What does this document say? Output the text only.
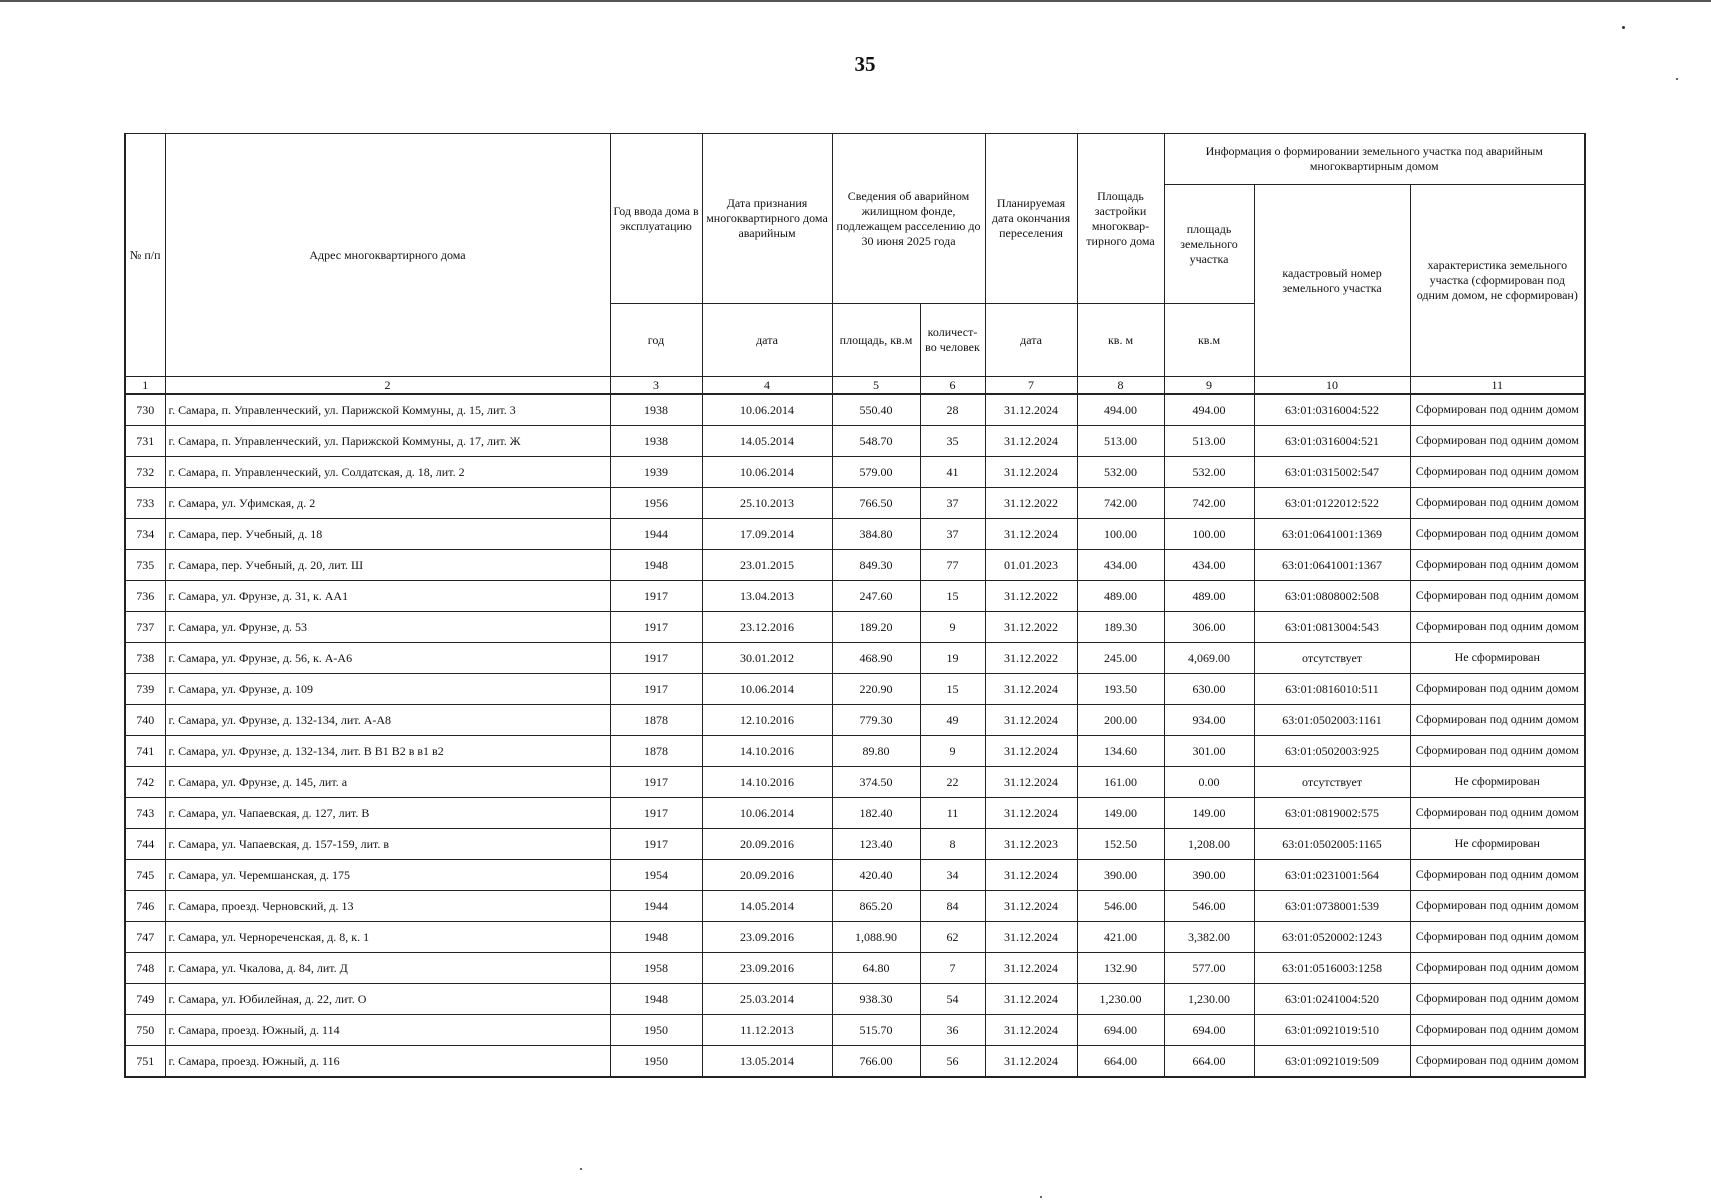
35
№ п/п	Адрес многоквартирного дома	Год ввода дома в эксплуатацию	Дата признания многоквартирного дома аварийным	Сведения об аварийном жилищном фонде, подлежащем расселению до 30 июня 2025 года		Планируемая дата окончания переселения	Площадь застройки многоквар-тирного дома	Информация о формировании земельного участка под аварийным многоквартирным домом		
								площадь земельного участка	кадастровый номер земельного участка	характеристика земельного участка (сформирован под одним домом, не сформирован)
		год	дата	площадь, кв.м	количест-во человек	дата	кв. м	кв.м		
1	2	3	4	5	6	7	8	9	10	11
730	г. Самара, п. Управленческий, ул. Парижской Коммуны, д. 15, лит. 3	1938	10.06.2014	550.40	28	31.12.2024	494.00	494.00	63:01:0316004:522	Сформирован под одним домом
731	г. Самара, п. Управленческий, ул. Парижской Коммуны, д. 17, лит. Ж	1938	14.05.2014	548.70	35	31.12.2024	513.00	513.00	63:01:0316004:521	Сформирован под одним домом
732	г. Самара, п. Управленческий, ул. Солдатская, д. 18, лит. 2	1939	10.06.2014	579.00	41	31.12.2024	532.00	532.00	63:01:0315002:547	Сформирован под одним домом
733	г. Самара, ул. Уфимская, д. 2	1956	25.10.2013	766.50	37	31.12.2022	742.00	742.00	63:01:0122012:522	Сформирован под одним домом
734	г. Самара, пер. Учебный, д. 18	1944	17.09.2014	384.80	37	31.12.2024	100.00	100.00	63:01:0641001:1369	Сформирован под одним домом
735	г. Самара, пер. Учебный, д. 20, лит. Ш	1948	23.01.2015	849.30	77	01.01.2023	434.00	434.00	63:01:0641001:1367	Сформирован под одним домом
736	г. Самара, ул. Фрунзе, д. 31, к. АА1	1917	13.04.2013	247.60	15	31.12.2022	489.00	489.00	63:01:0808002:508	Сформирован под одним домом
737	г. Самара, ул. Фрунзе, д. 53	1917	23.12.2016	189.20	9	31.12.2022	189.30	306.00	63:01:0813004:543	Сформирован под одним домом
738	г. Самара, ул. Фрунзе, д. 56, к. А-А6	1917	30.01.2012	468.90	19	31.12.2022	245.00	4,069.00	отсутствует	Не сформирован
739	г. Самара, ул. Фрунзе, д. 109	1917	10.06.2014	220.90	15	31.12.2024	193.50	630.00	63:01:0816010:511	Сформирован под одним домом
740	г. Самара, ул. Фрунзе, д. 132-134, лит. А-А8	1878	12.10.2016	779.30	49	31.12.2024	200.00	934.00	63:01:0502003:1161	Сформирован под одним домом
741	г. Самара, ул. Фрунзе, д. 132-134, лит. В В1 В2 в в1 в2	1878	14.10.2016	89.80	9	31.12.2024	134.60	301.00	63:01:0502003:925	Сформирован под одним домом
742	г. Самара, ул. Фрунзе, д. 145, лит. а	1917	14.10.2016	374.50	22	31.12.2024	161.00	0.00	отсутствует	Не сформирован
743	г. Самара, ул. Чапаевская, д. 127, лит. В	1917	10.06.2014	182.40	11	31.12.2024	149.00	149.00	63:01:0819002:575	Сформирован под одним домом
744	г. Самара, ул. Чапаевская, д. 157-159, лит. в	1917	20.09.2016	123.40	8	31.12.2023	152.50	1,208.00	63:01:0502005:1165	Не сформирован
745	г. Самара, ул. Черемшанская, д. 175	1954	20.09.2016	420.40	34	31.12.2024	390.00	390.00	63:01:0231001:564	Сформирован под одним домом
746	г. Самара, проезд. Черновский, д. 13	1944	14.05.2014	865.20	84	31.12.2024	546.00	546.00	63:01:0738001:539	Сформирован под одним домом
747	г. Самара, ул. Чернореченская, д. 8, к. 1	1948	23.09.2016	1,088.90	62	31.12.2024	421.00	3,382.00	63:01:0520002:1243	Сформирован под одним домом
748	г. Самара, ул. Чкалова, д. 84, лит. Д	1958	23.09.2016	64.80	7	31.12.2024	132.90	577.00	63:01:0516003:1258	Сформирован под одним домом
749	г. Самара, ул. Юбилейная, д. 22, лит. О	1948	25.03.2014	938.30	54	31.12.2024	1,230.00	1,230.00	63:01:0241004:520	Сформирован под одним домом
750	г. Самара, проезд. Южный, д. 114	1950	11.12.2013	515.70	36	31.12.2024	694.00	694.00	63:01:0921019:510	Сформирован под одним домом
751	г. Самара, проезд. Южный, д. 116	1950	13.05.2014	766.00	56	31.12.2024	664.00	664.00	63:01:0921019:509	Сформирован под одним домом
